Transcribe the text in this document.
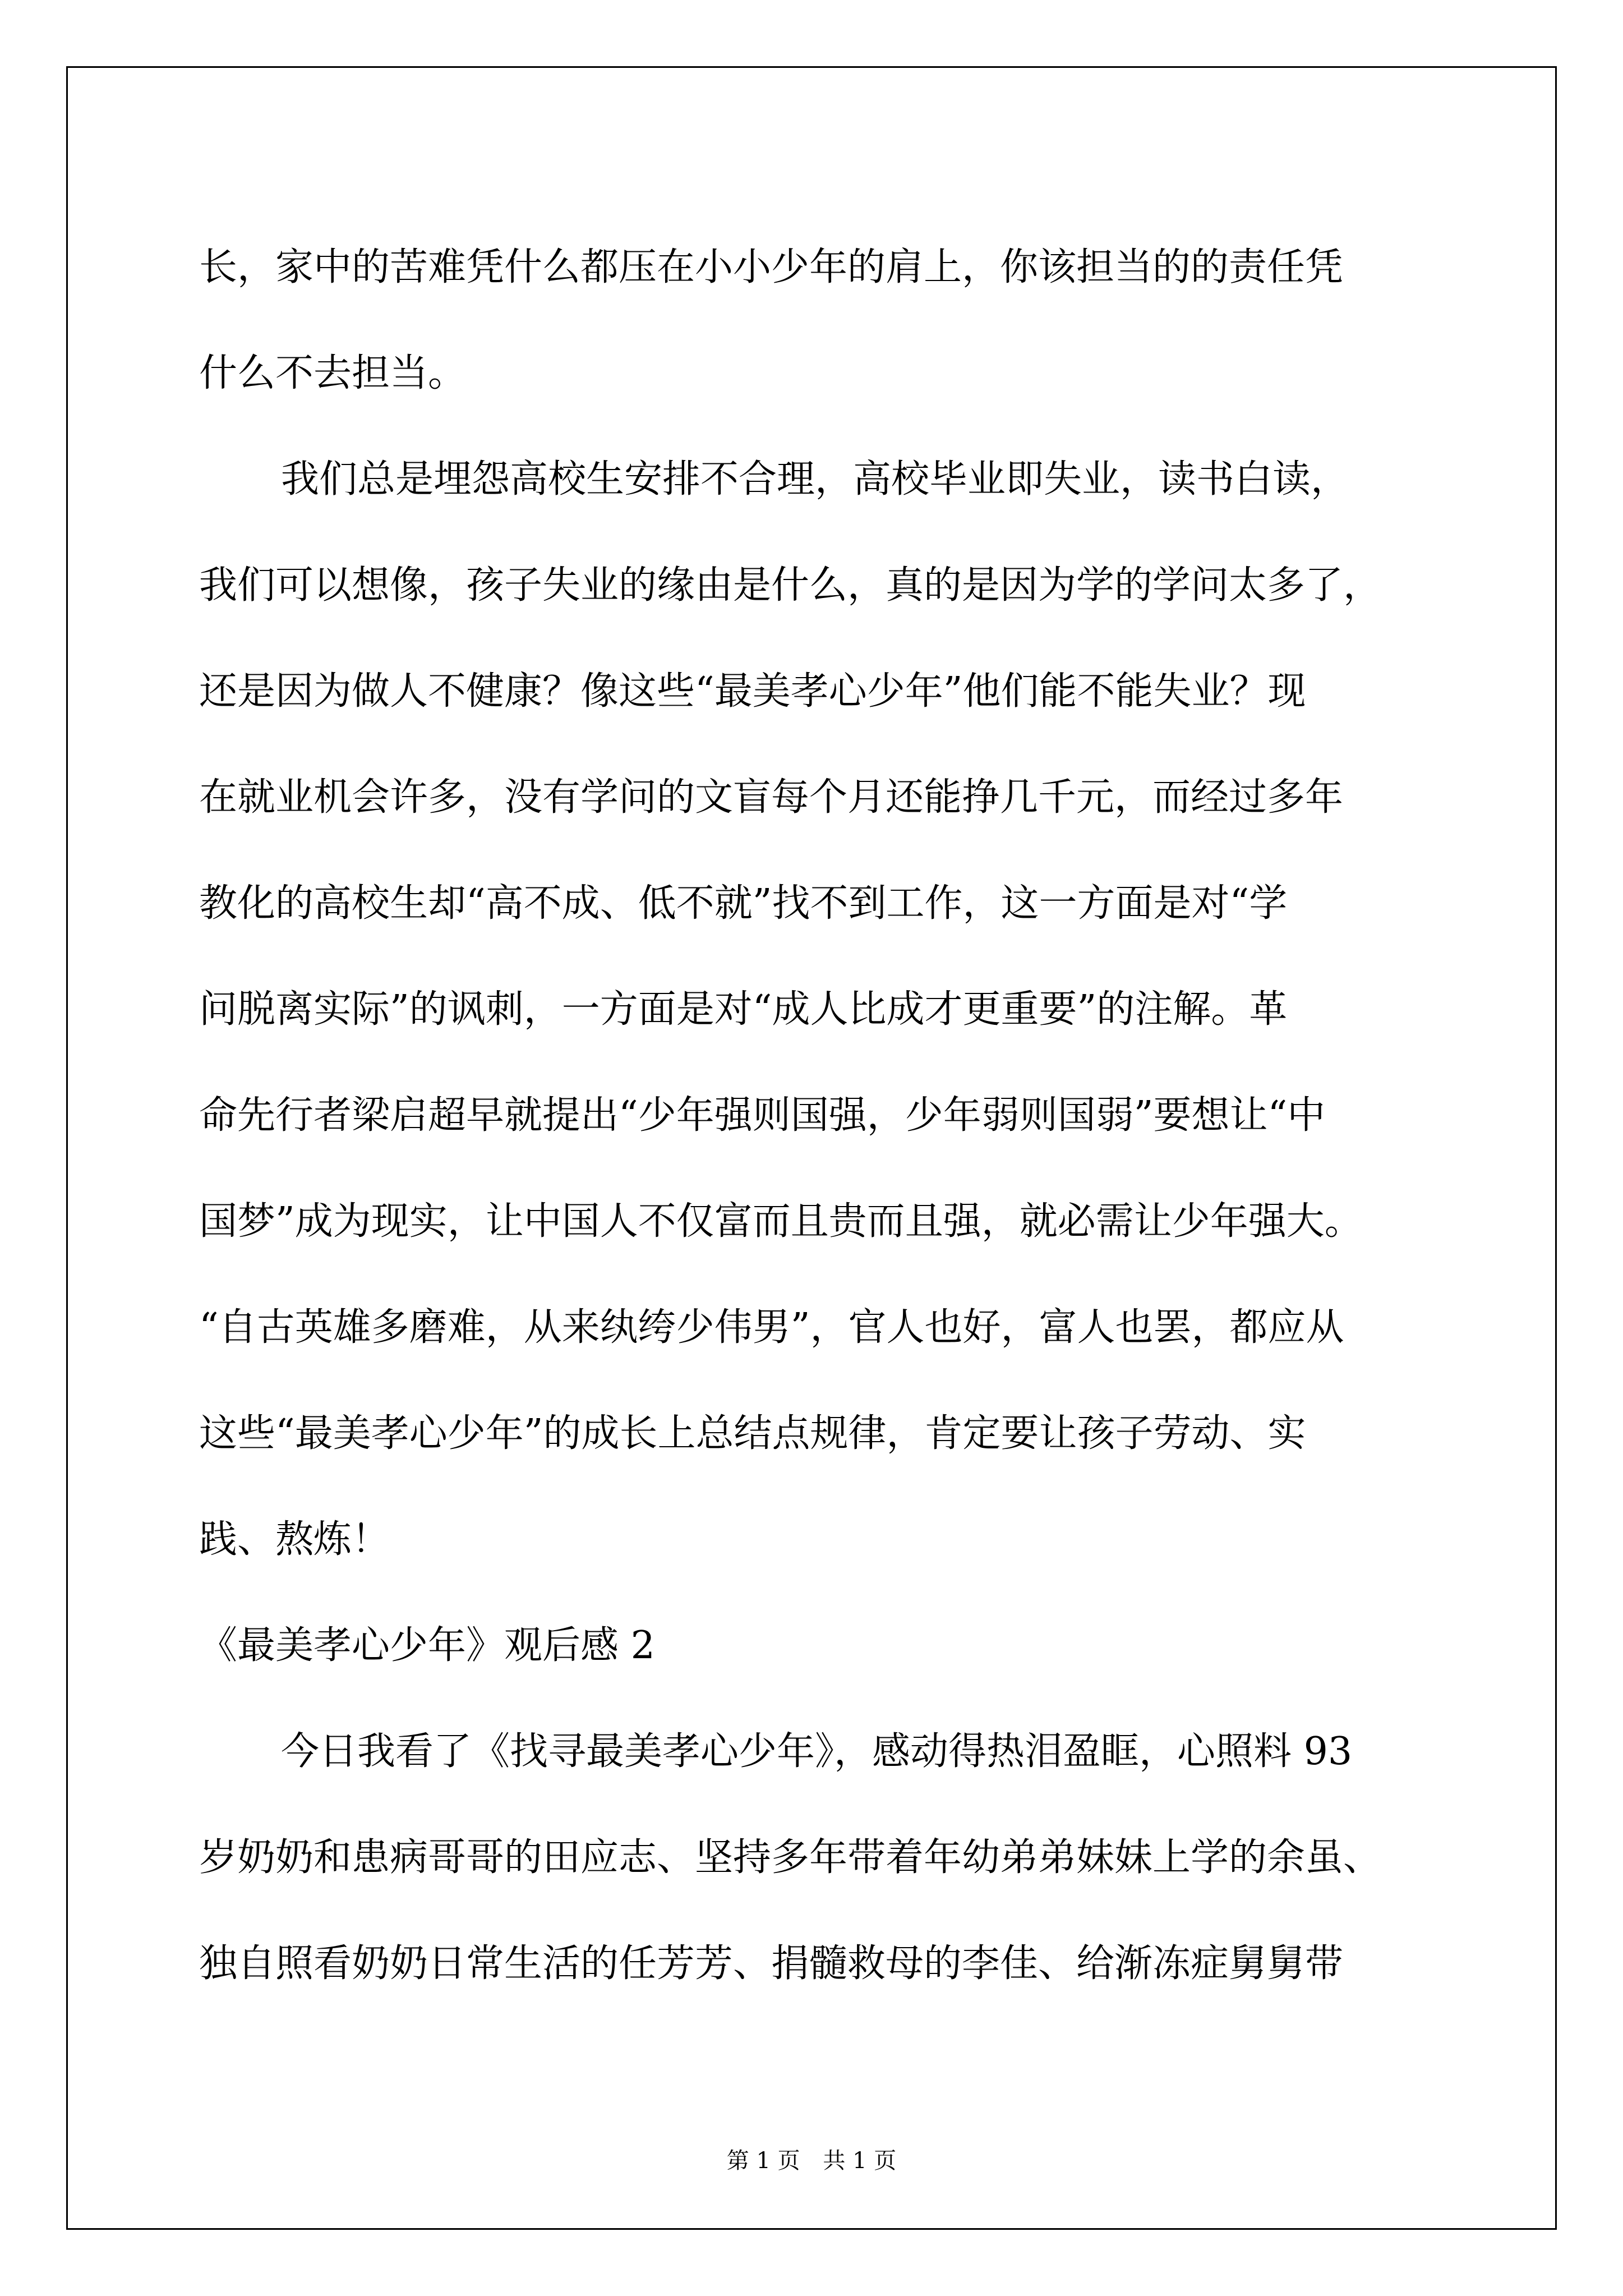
长，家中的苦难凭什么都压在小小少年的肩上，你该担当的的责任凭
什么不去担当。
我们总是埋怨高校生安排不合理，高校毕业即失业，读书白读，
我们可以想像，孩子失业的缘由是什么，真的是因为学的学问太多了，
还是因为做人不健康？像这些“最美孝心少年”他们能不能失业？现
在就业机会许多，没有学问的文盲每个月还能挣几千元，而经过多年
教化的高校生却“高不成、低不就”找不到工作，这一方面是对“学
问脱离实际”的讽刺，一方面是对“成人比成才更重要”的注解。革
命先行者梁启超早就提出“少年强则国强，少年弱则国弱”要想让“中
国梦”成为现实，让中国人不仅富而且贵而且强，就必需让少年强大。
“自古英雄多磨难，从来纨绔少伟男”，官人也好，富人也罢，都应从
这些“最美孝心少年”的成长上总结点规律，肯定要让孩子劳动、实
践、熬炼！
《最美孝心少年》观后感 2
今日我看了《找寻最美孝心少年》，感动得热泪盈眶，心照料 93
岁奶奶和患病哥哥的田应志、坚持多年带着年幼弟弟妹妹上学的余虽、
独自照看奶奶日常生活的任芳芳、捐髓救母的李佳、给渐冻症舅舅带
第 1 页 共 1 页
